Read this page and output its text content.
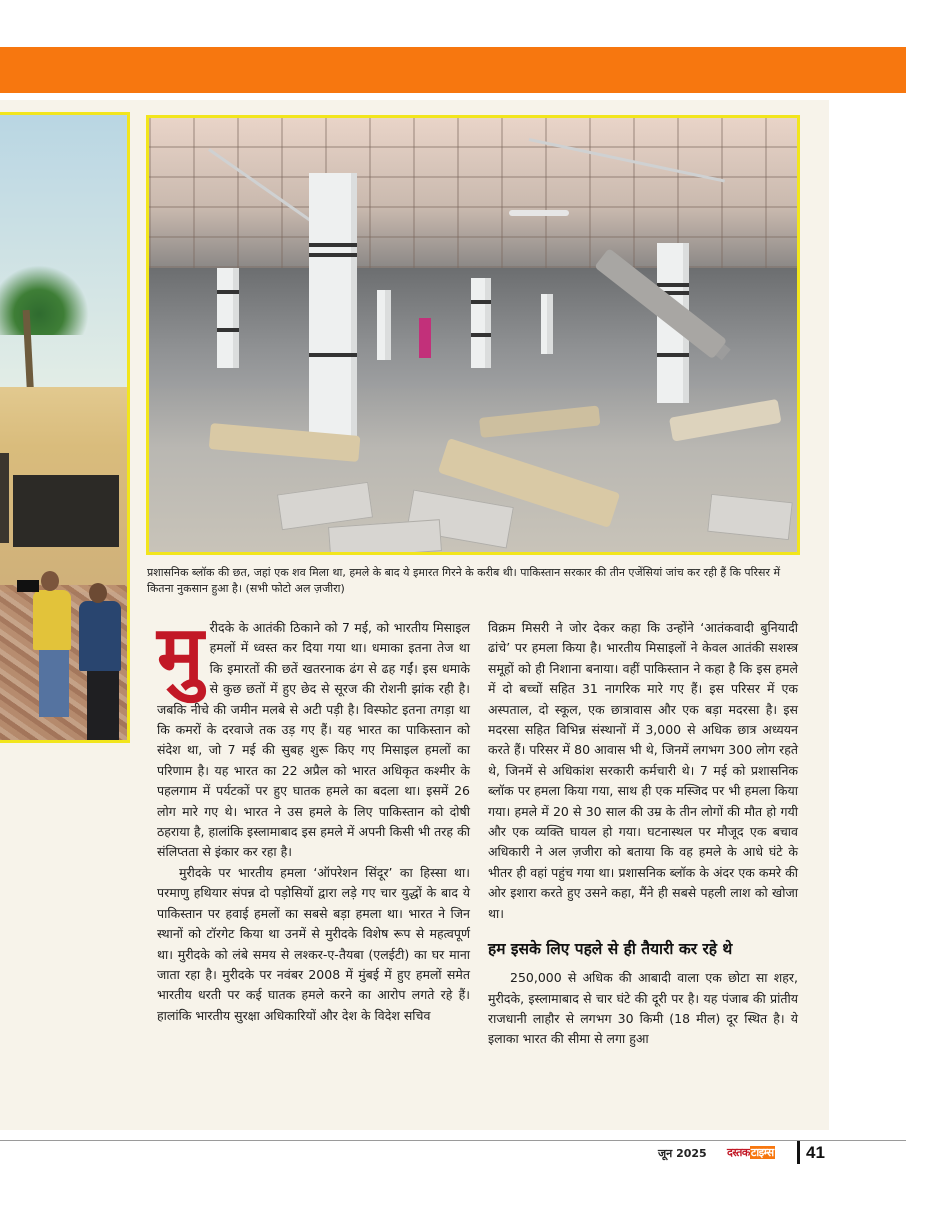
प्रशासनिक ब्लॉक की छत, जहां एक शव मिला था, हमले के बाद ये इमारत गिरने के करीब थी। पाकिस्तान सरकार की तीन एजेंसियां जांच कर रही हैं कि परिसर में कितना नुकसान हुआ है। (सभी फोटो अल ज़जीरा)

मुरीदके के आतंकी ठिकाने को 7 मई, को भारतीय मिसाइल हमलों में ध्वस्त कर दिया गया था। धमाका इतना तेज था कि इमारतों की छतें खतरनाक ढंग से ढह गईं। इस धमाके से कुछ छतों में हुए छेद से सूरज की रोशनी झांक रही है। जबकि नीचे की जमीन मलबे से अटी पड़ी है। विस्फोट इतना तगड़ा था कि कमरों के दरवाजे तक उड़ गए हैं। यह भारत का पाकिस्तान को संदेश था, जो 7 मई की सुबह शुरू किए गए मिसाइल हमलों का परिणाम है। यह भारत का 22 अप्रैल को भारत अधिकृत कश्मीर के पहलगाम में पर्यटकों पर हुए घातक हमले का बदला था। इसमें 26 लोग मारे गए थे। भारत ने उस हमले के लिए पाकिस्तान को दोषी ठहराया है, हालांकि इस्लामाबाद इस हमले में अपनी किसी भी तरह की संलिप्तता से इंकार कर रहा है।

मुरीदके पर भारतीय हमला ‘ऑपरेशन सिंदूर’ का हिस्सा था। परमाणु हथियार संपन्न दो पड़ोसियों द्वारा लड़े गए चार युद्धों के बाद ये पाकिस्तान पर हवाई हमलों का सबसे बड़ा हमला था। भारत ने जिन स्थानों को टॉरगेट किया था उनमें से मुरीदके विशेष रूप से महत्वपूर्ण था। मुरीदके को लंबे समय से लश्कर-ए-तैयबा (एलईटी) का घर माना जाता रहा है। मुरीदके पर नवंबर 2008 में मुंबई में हुए हमलों समेत भारतीय धरती पर कई घातक हमले करने का आरोप लगते रहे हैं। हालांकि भारतीय सुरक्षा अधिकारियों और देश के विदेश सचिव

विक्रम मिसरी ने जोर देकर कहा कि उन्होंने ‘आतंकवादी बुनियादी ढांचे’ पर हमला किया है। भारतीय मिसाइलों ने केवल आतंकी सशस्त्र समूहों को ही निशाना बनाया। वहीं पाकिस्तान ने कहा है कि इस हमले में दो बच्चों सहित 31 नागरिक मारे गए हैं। इस परिसर में एक अस्पताल, दो स्कूल, एक छात्रावास और एक बड़ा मदरसा है। इस मदरसा सहित विभिन्न संस्थानों में 3,000 से अधिक छात्र अध्ययन करते हैं। परिसर में 80 आवास भी थे, जिनमें लगभग 300 लोग रहते थे, जिनमें से अधिकांश सरकारी कर्मचारी थे। 7 मई को प्रशासनिक ब्लॉक पर हमला किया गया, साथ ही एक मस्जिद पर भी हमला किया गया। हमले में 20 से 30 साल की उम्र के तीन लोगों की मौत हो गयी और एक व्यक्ति घायल हो गया। घटनास्थल पर मौजूद एक बचाव अधिकारी ने अल ज़जीरा को बताया कि वह हमले के आधे घंटे के भीतर ही वहां पहुंच गया था। प्रशासनिक ब्लॉक के अंदर एक कमरे की ओर इशारा करते हुए उसने कहा, मैंने ही सबसे पहली लाश को खोजा था।

हम इसके लिए पहले से ही तैयारी कर रहे थे

250,000 से अधिक की आबादी वाला एक छोटा सा शहर, मुरीदके, इस्लामाबाद से चार घंटे की दूरी पर है। यह पंजाब की प्रांतीय राजधानी लाहौर से लगभग 30 किमी (18 मील) दूर स्थित है। ये इलाका भारत की सीमा से लगा हुआ

जून 2025 दस्तकटाइम्स 41
